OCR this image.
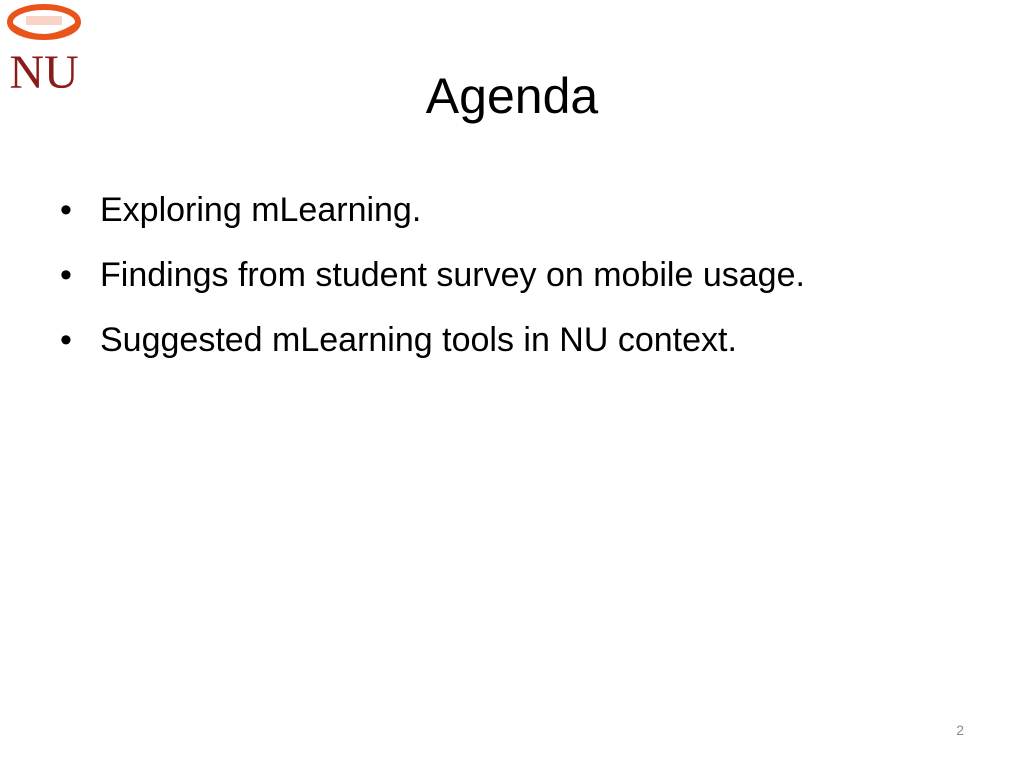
NU	Agenda
• Exploring mLearning.
• Findings from student survey on mobile usage.
• Suggested mLearning tools in NU context.
2
